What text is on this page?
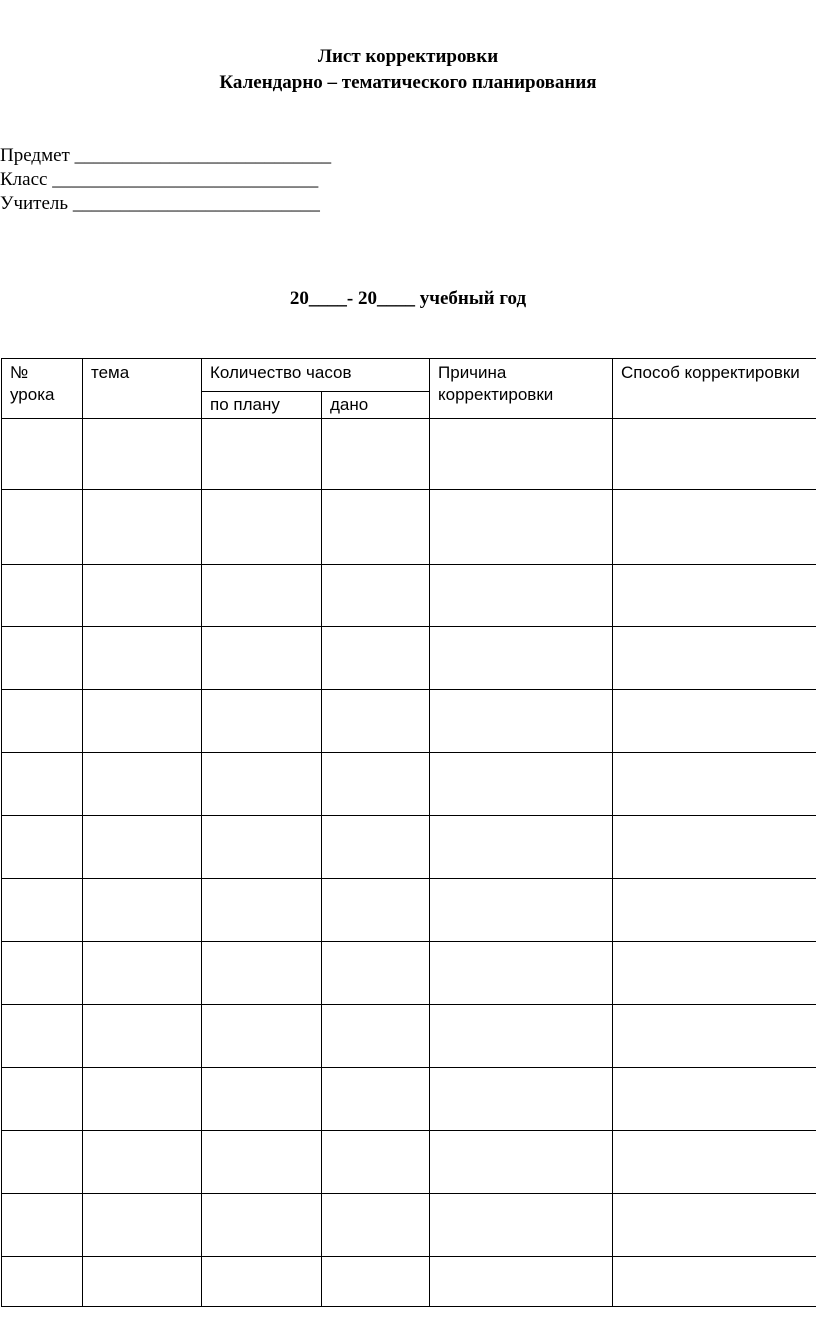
Лист корректировки
Календарно – тематического планирования
Предмет ___________________________
Класс ____________________________
Учитель __________________________
20____- 20____ учебный год
№ урока	тема	Количество часов		Причина корректировки	Способ корректировки
		по плану	дано		
